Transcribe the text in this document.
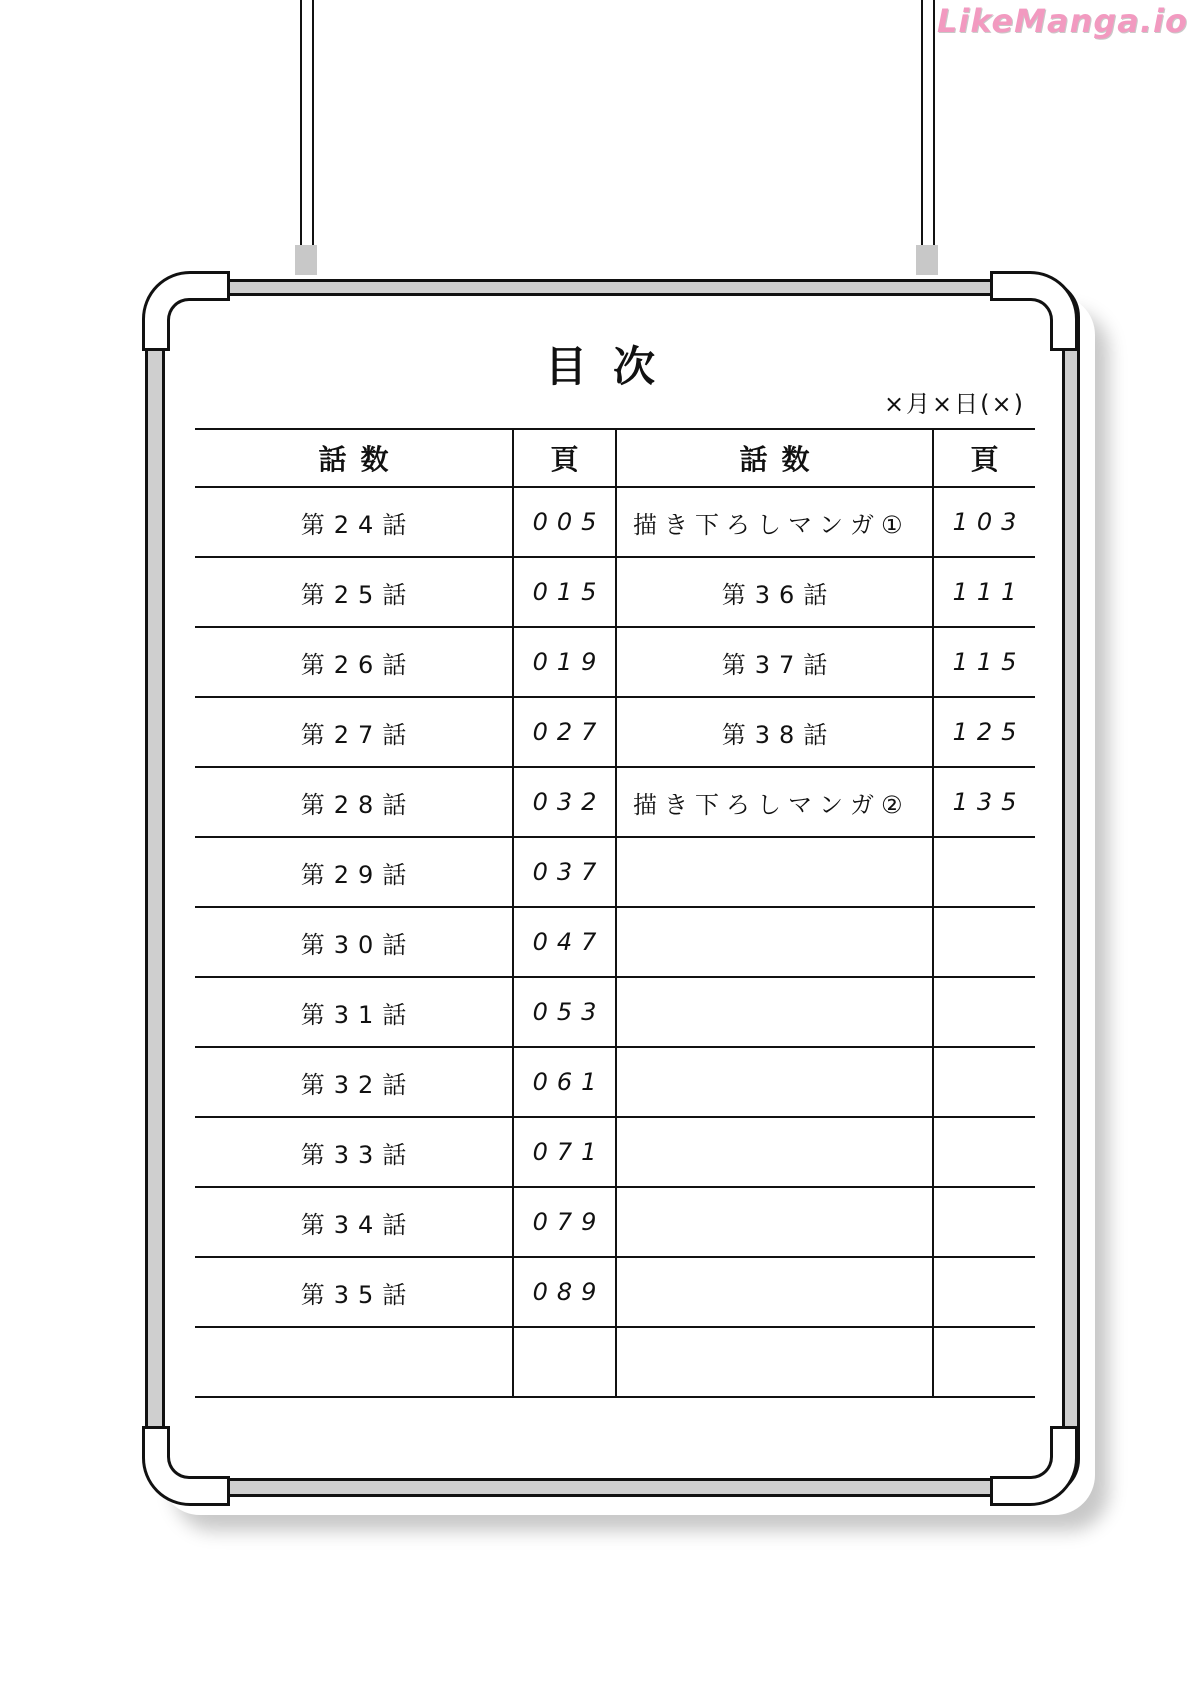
LikeManga.io
目次
×月×日(×)
話数	頁	話数	頁
第24話	005	描き下ろしマンガ①	103
第25話	015	第36話	111
第26話	019	第37話	115
第27話	027	第38話	125
第28話	032	描き下ろしマンガ②	135
第29話	037		
第30話	047		
第31話	053		
第32話	061		
第33話	071		
第34話	079		
第35話	089		
